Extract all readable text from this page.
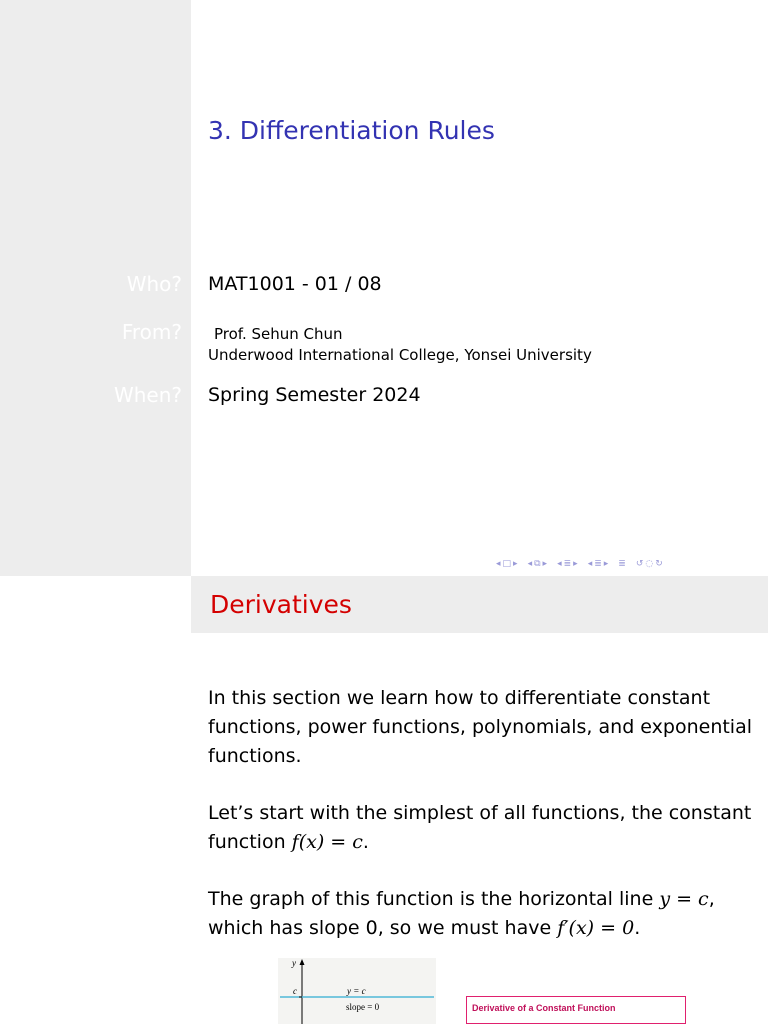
3. Differentiation Rules
Who?
From?
When?
MAT1001 - 01 / 08
Prof. Sehun Chun
Underwood International College, Yonsei University
Spring Semester 2024
◂ □ ▸ ◂ ⧉ ▸ ◂ ≣ ▸ ◂ ≣ ▸ ≣ ↺ ◌ ↻
Derivatives

In this section we learn how to differentiate constant functions, power functions, polynomials, and exponential functions.

Let’s start with the simplest of all functions, the constant function f(x) = c.

The graph of this function is the horizontal line y = c, which has slope 0, so we must have f′(x) = 0.

y
c	y = c
slope = 0	Derivative of a Constant Function
